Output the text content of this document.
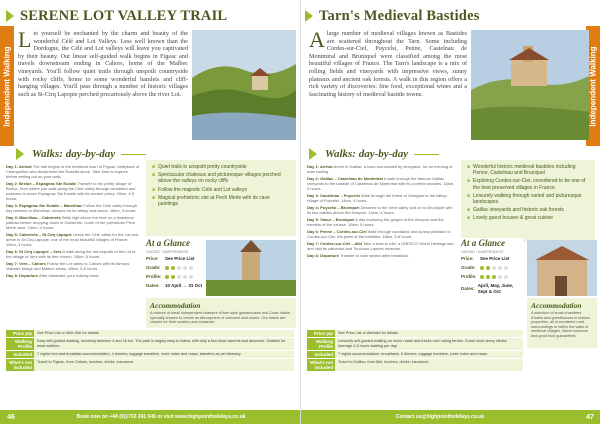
SERENE LOT VALLEY TRAIL
Independent Walking
L et yourself be enchanted by the charm and beauty of the wonderful Célé and Lot Valleys. Less well known than the Dordogne, the Célé and Lot valleys will leave you captivated by their beauty. Our linear self-guided walk begins in Figeac and travels downstream ending in Cahors, home of the Malbec vineyards. You'll follow quiet trails through unspoilt countryside with rocky cliffs, home to some wonderful hamlets and cliff-hanging villages. You'll pass through a number of historic villages such as St-Cirq Lapopie perched precariously above the river Lot.
Walks: day-by-day
Day 1: Arrival The trail begins in the medieval town of Figeac, birthplace of Champollion who deciphered the Rosetta stone. Take time to explore before setting out on your walk.
Day 2: Brelue – Espagnac Ste Eulalie Transfer to the pretty village of Brelue, from where you walk along the Célé valley through woodland and pastures to reach Espagnac Ste Eulalie with its ancient priory. 16km, 4-5 hours.
Day 3: Espagnac Ste Eulalie – Marcilhac Follow the Célé valley through tiny hamlets to Marcilhac, famous for its abbey and caves. 16km, 5 hours.
Day 4: Marcilhac – Cabrerets Walk high above the river on a limestone plateau before dropping down to Cabrerets, home of the prehistoric Pech Merle cave. 14km, 4 hours.
Day 5: Cabrerets – St Cirq Lapopie Leave the Célé valley for the Lot and arrive in St Cirq Lapopie, one of the most beautiful villages of France. 10km, 3 hours.
Day 6: St Cirq Lapopie – Vers A walk along the old towpath of the Lot to the village of Vers with its fine church. 18km, 5 hours.
Day 7: Vers – Cahors Follow the Lot valley to Cahors with its famous Valentré bridge and Malbec wines. 18km, 5-6 hours.
Day 8: Departure After breakfast, your holiday ends.
■ Quiet trails in unspoilt pretty countryside
■ Spectacular chateaux and picturesque villages perched above the valleys on rocky cliffs
■ Follow the majestic Célé and Lot valleys
■ Magical prehistoric site at Pech Merle with its cave paintings
At a Glance
GUIDED / INDEPENDENT
Price:	See Price List
Grade:
Profile:
Dates:	10 April → 31 Oct
Accommodation
A mixture of small independent chambre d'hote style guesthouses and 2-star hotels, specially chosen to create an atmosphere of welcome and charm. Our hotels are chosen for their location and character.
Price p/p	See Price List or Web Site for details
Walking Profile
Easy self-guided walking, involving between 4 and 16 km. The path is largely easy to follow, with only a few short ascents and descents. Suitable for most walkers.
Included	7 nights bed and breakfast accommodation, 4 dinners, luggage transfers, route notes and maps, transfers as per itinerary.
What's not included
Travel to Figeac, from Cahors, lunches, drinks, insurance.
46	Book now on +44 (0)1763 241 045 or visit www.highpointholidays.co.uk
Tarn's Medieval Bastides
Independent Walking
A large number of medieval villages known as Bastides are scattered throughout the Tarn. Some including Cordes-sur-Ciel, Puycelsi, Penne, Castelnau de Montmiral and Bruniquel were classified among the most beautiful villages of France. The Tarn's landscape is a mix of rolling fields and vineyards with impressive views, sunny plateaux and ancient oak forests. A walk in this region offers a rich variety of discoveries: fine food, exceptional wines and a fascinating history of medieval bastide towns.
Walks: day-by-day
Day 1: Arrival Arrive in Gaillac, a town surrounded by vineyards, for an evening of wine tasting.
Day 2: Gaillac – Castelnau de Montmiral A walk through the famous Gaillac vineyards to the bastide of Castelnau de Montmiral with its covered arcades. 18km, 5 hours.
Day 3: Castelnau – Puycelsi Walk through the forest of Grésigne to the hilltop village of Puycelsi. 14km, 4 hours.
Day 4: Puycelsi – Bruniquel Descend to the Vère valley and on to Bruniquel with its two castles above the Aveyron. 14km, 4 hours.
Day 5: Vaour – Bruniquel A day exploring the gorges of the Aveyron and the hamlets of the causse. 16km, 5 hours.
Day 6: Penne – Cordes-sur-Ciel Walk through woodland and across plateaux to Cordes-sur-Ciel, the jewel of the bastides. 18km, 5-6 hours.
Day 7: Cordes-sur-Ciel – Albi Take a train to Albi, a UNESCO World Heritage site, and visit its cathedral and Toulouse-Lautrec museum.
Day 8: Departure Transfer to train station after breakfast.
■ Wonderful historic medieval bastides including Penne, Castelnau and Bruniquel
■ Exploring Cordes-sur-Ciel, considered to be one of the best preserved villages in France
■ Leisurely walking through varied and picturesque landscapes
■ Gaillac vineyards and historic oak forests
■ Lovely guest houses & great cuisine
At a Glance
GUIDED / INDEPENDENT
Price:	See Price List
Grade:
Profile:
Dates:
April, May, June, Sept & Oct
Accommodation
A selection of small chambres d'hotes and guesthouses in historic properties, all in wonderful rural surroundings or within the walls of medieval villages. Warm welcome and good food guaranteed.
Price p/p	See Price List or Website for details
Walking Profile
Leisurely self-guided walking on minor roads and tracks over rolling terrain. Some short steep climbs. Average 4-5 hours walking per day.
Included	7 nights accommodation, breakfasts, 6 dinners, luggage transfers, route notes and maps.
What's not included
Travel to Gaillac, from Albi, lunches, drinks, insurance.
Contact us@highpointholidays.co.uk	47
